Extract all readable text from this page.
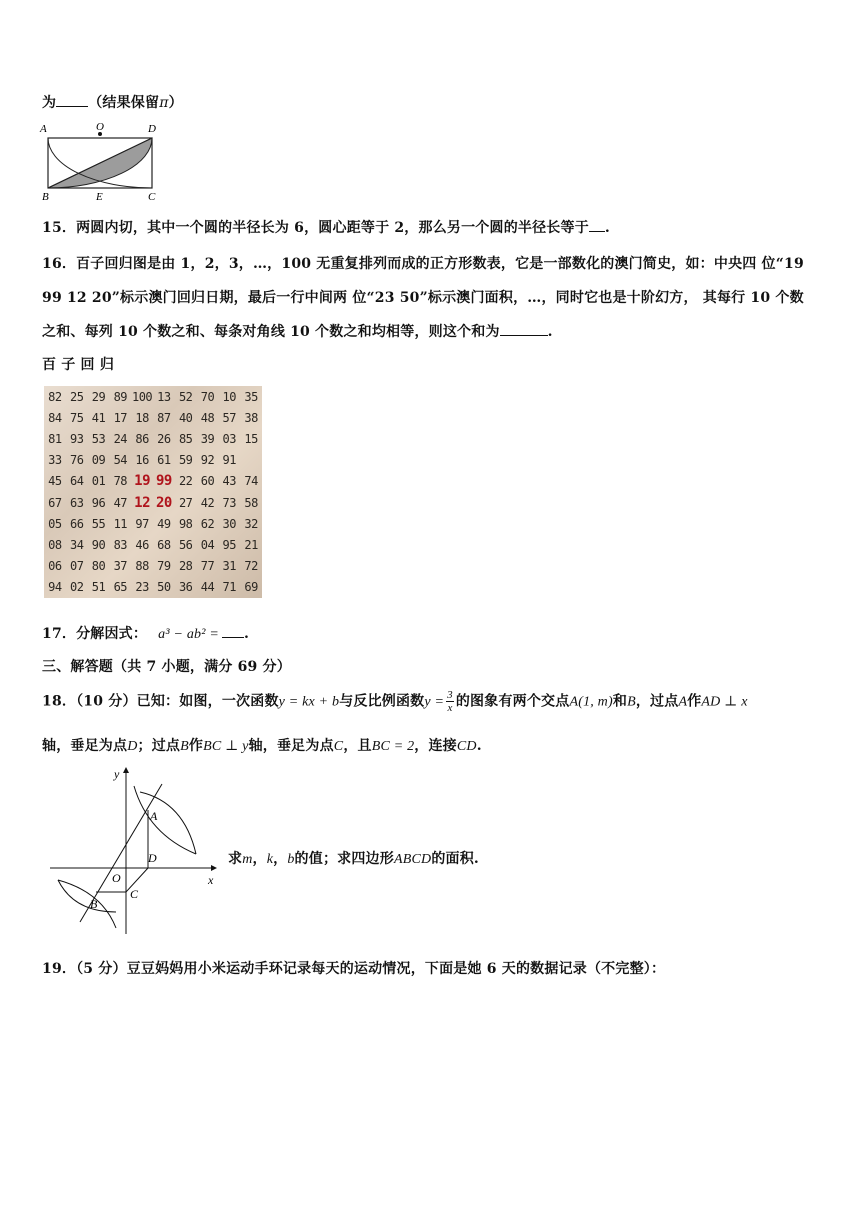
为 （结果保留π）
A	O	D
B	E	C
15．两圆内切，其中一个圆的半径长为 6，圆心距等于 2，那么另一个圆的半径长等于 .
16．百子回归图是由 1，2，3，…，100 无重复排列而成的正方形数表，它是一部数化的澳门简史，如：中央四 位“19
99 12 20”标示澳门回归日期，最后一行中间两 位“23 50”标示澳门面积，…，同时它也是十阶幻方， 其每行 10 个数
之和、每列 10 个数之和、每条对角线 10 个数之和均相等，则这个和为	.
百 子 回 归
82 25 29 89 100 13 52 70 10 35
84 75 41 17 18 87 40 48 57 38
81 93 53 24 86 26 85 39 03 15
33 76 09 54 16 61 59 92 91
45 64 01 78 19 99 22 60 43 74
67 63 96 47 12 20 27 42 73 58
05 66 55 11 97 49 98 62 30 32
08 34 90 83 46 68 56 04 95 21
06 07 80 37 88 79 28 77 31 72
94 02 51 65 23 50 36 44 71 69
17．分解因式： a³ − ab² = .
三、解答题（共 7 小题，满分 69 分）
18．（10 分）已知：如图，一次函数y = kx + b与反比例函数$y = \frac{3}{x}$ 的图象有两个交点A(1, m)和B，过点A作AD ⊥ x
轴，垂足为点D；过点B作BC ⊥ y轴，垂足为点C，且BC = 2，连接CD.
y
x
A
D
O
C
B
求m，k，b的值；求四边形ABCD的面积.
19．（5 分）豆豆妈妈用小米运动手环记录每天的运动情况，下面是她 6 天的数据记录（不完整）：
